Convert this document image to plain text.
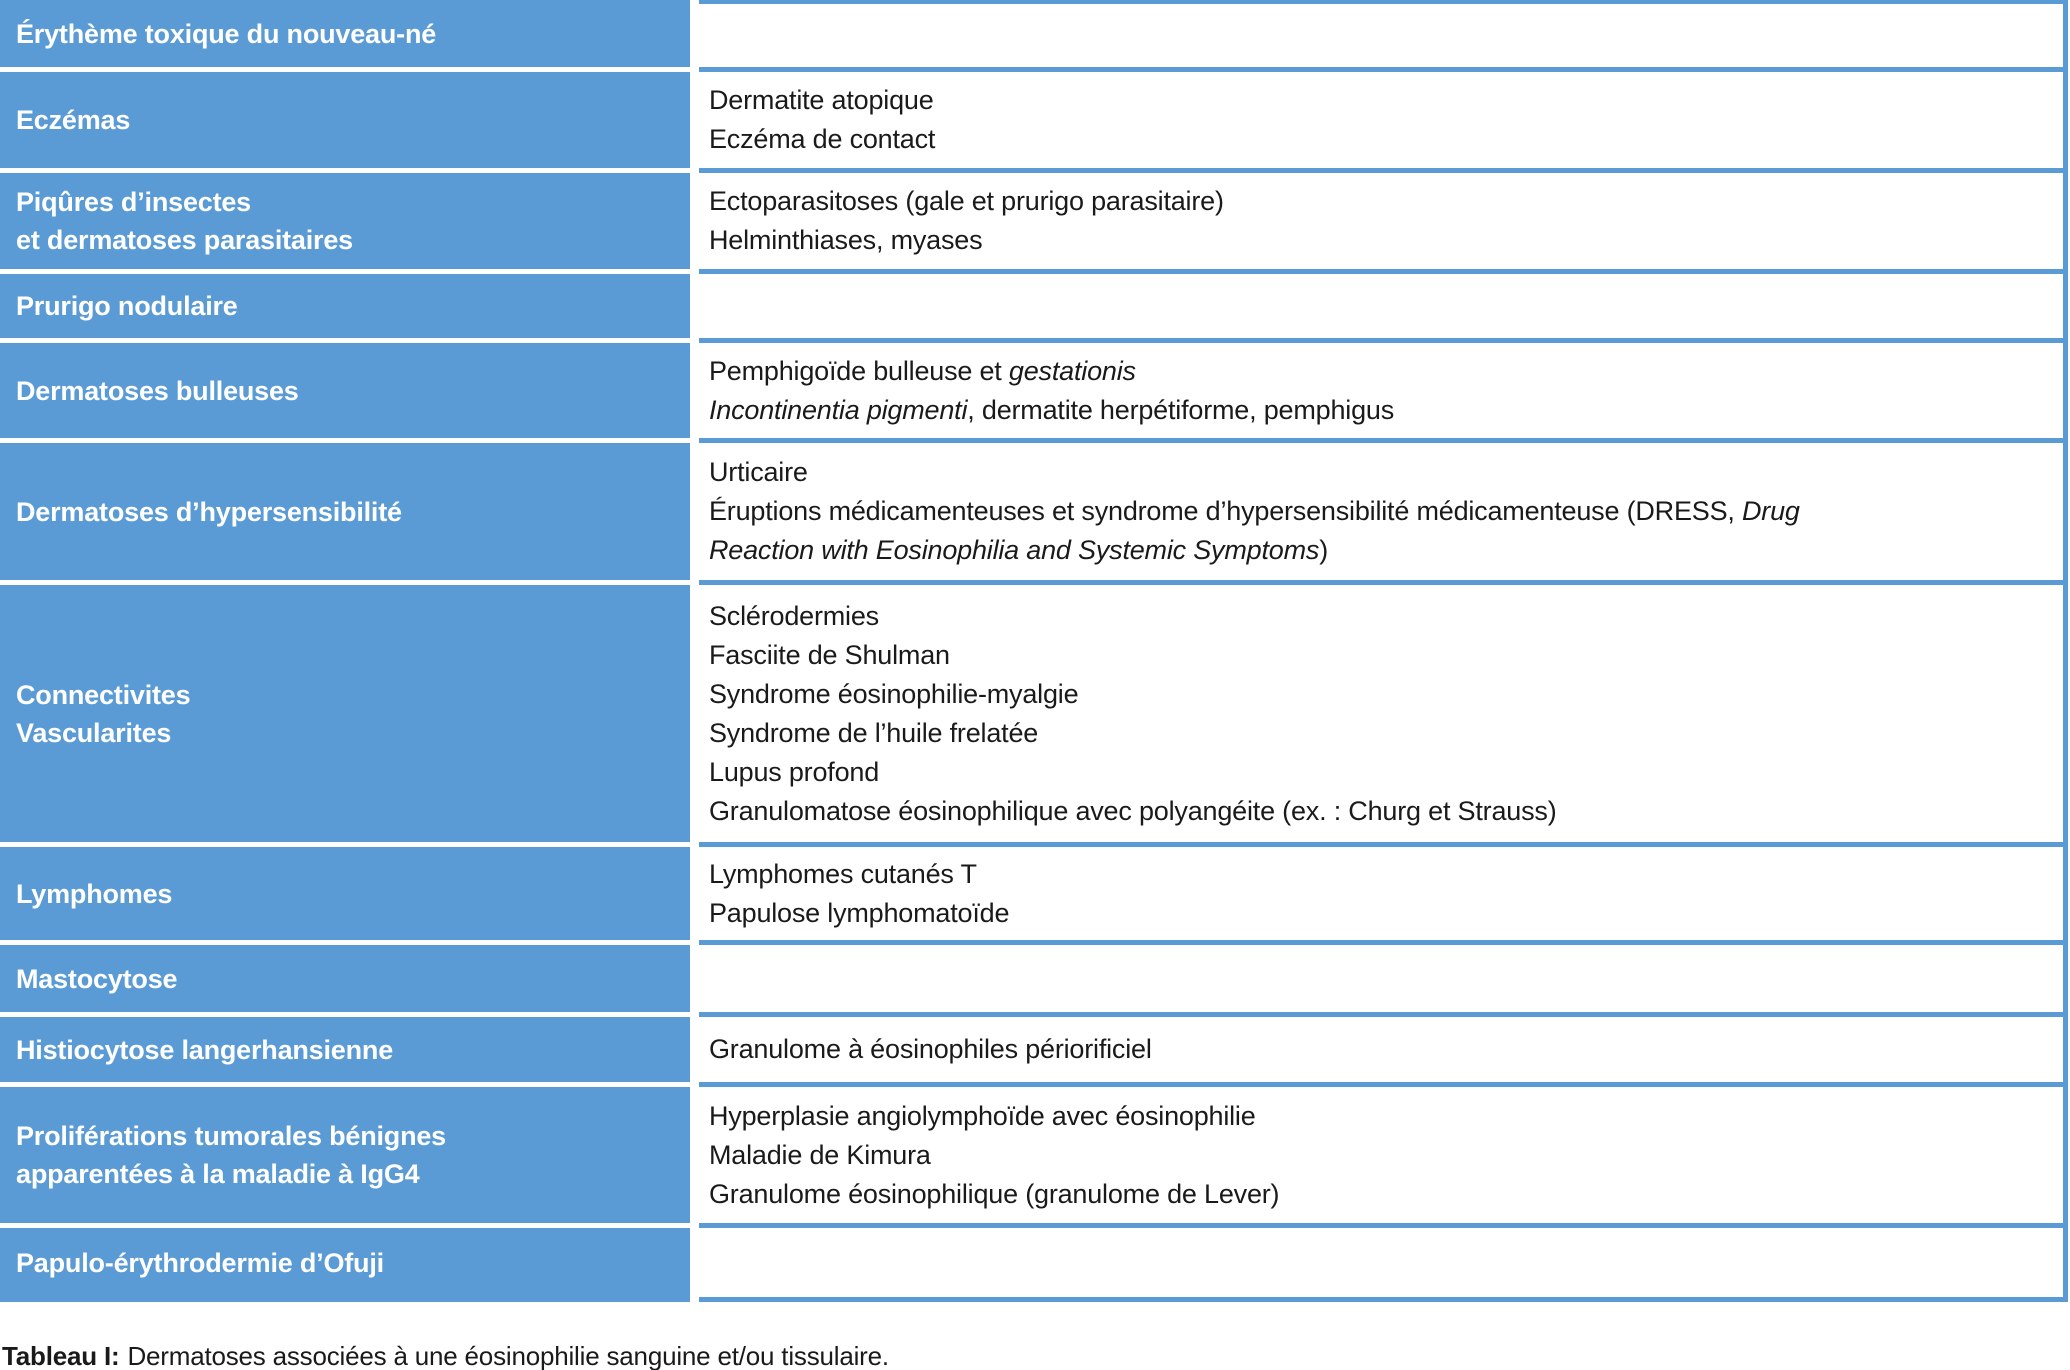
Érythème toxique du nouveau-né
Eczémas
Dermatite atopique
Eczéma de contact
Piqûres d’insectes
et dermatoses parasitaires
Ectoparasitoses (gale et prurigo parasitaire)
Helminthiases, myases
Prurigo nodulaire
Dermatoses bulleuses
Pemphigoïde bulleuse et gestationis
Incontinentia pigmenti, dermatite herpétiforme, pemphigus
Dermatoses d’hypersensibilité
Urticaire
Éruptions médicamenteuses et syndrome d’hypersensibilité médicamenteuse (DRESS, Drug
Reaction with Eosinophilia and Systemic Symptoms)
Connectivites
Vascularites
Sclérodermies
Fasciite de Shulman
Syndrome éosinophilie-myalgie
Syndrome de l’huile frelatée
Lupus profond
Granulomatose éosinophilique avec polyangéite (ex. : Churg et Strauss)
Lymphomes
Lymphomes cutanés T
Papulose lymphomatoïde
Mastocytose
Histiocytose langerhansienne	Granulome à éosinophiles périorificiel
Proliférations tumorales bénignes
apparentées à la maladie à IgG4
Hyperplasie angiolymphoïde avec éosinophilie
Maladie de Kimura
Granulome éosinophilique (granulome de Lever)
Papulo-érythrodermie d’Ofuji
Tableau I: Dermatoses associées à une éosinophilie sanguine et/ou tissulaire.
